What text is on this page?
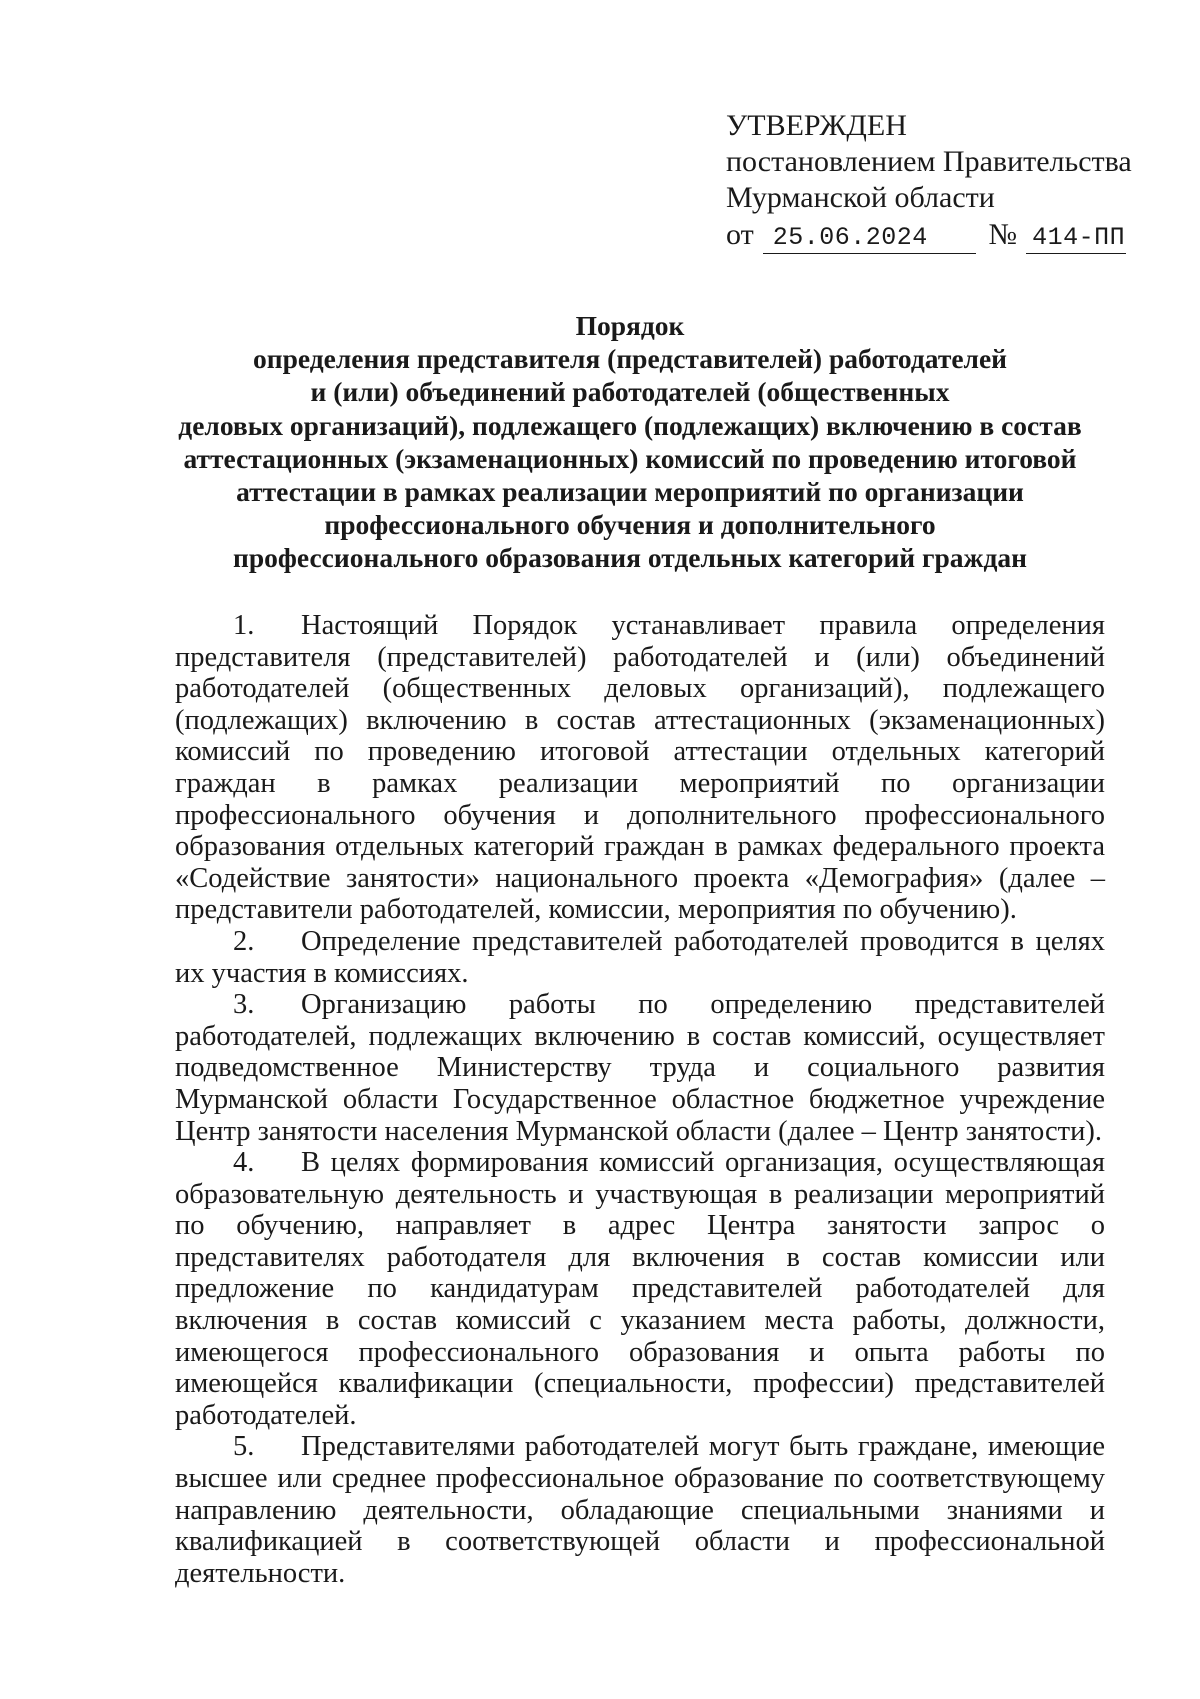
УТВЕРЖДЕН
постановлением Правительства
Мурманской области
от 25.06.2024	№ 414-ПП
Порядок
определения представителя (представителей) работодателей
и (или) объединений работодателей (общественных
деловых организаций), подлежащего (подлежащих) включению в состав
аттестационных (экзаменационных) комиссий по проведению итоговой
аттестации в рамках реализации мероприятий по организации
профессионального обучения и дополнительного
профессионального образования отдельных категорий граждан

1. Настоящий Порядок устанавливает правила определения представителя (представителей) работодателей и (или) объединений работодателей (общественных деловых организаций), подлежащего (подлежащих) включению в состав аттестационных (экзаменационных) комиссий по проведению итоговой аттестации отдельных категорий граждан в рамках реализации мероприятий по организации профессионального обучения и дополнительного профессионального образования отдельных категорий граждан в рамках федерального проекта «Содействие занятости» национального проекта «Демография» (далее – представители работодателей, комиссии, мероприятия по обучению).

2. Определение представителей работодателей проводится в целях их участия в комиссиях.

3. Организацию работы по определению представителей работодателей, подлежащих включению в состав комиссий, осуществляет подведомственное Министерству труда и социального развития Мурманской области Государственное областное бюджетное учреждение Центр занятости населения Мурманской области (далее – Центр занятости).

4. В целях формирования комиссий организация, осуществляющая образовательную деятельность и участвующая в реализации мероприятий по обучению, направляет в адрес Центра занятости запрос о представителях работодателя для включения в состав комиссии или предложение по кандидатурам представителей работодателей для включения в состав комиссий с указанием места работы, должности, имеющегося профессионального образования и опыта работы по имеющейся квалификации (специальности, профессии) представителей работодателей.

5. Представителями работодателей могут быть граждане, имеющие высшее или среднее профессиональное образование по соответствующему направлению деятельности, обладающие специальными знаниями и квалификацией в соответствующей области и профессиональной деятельности.
